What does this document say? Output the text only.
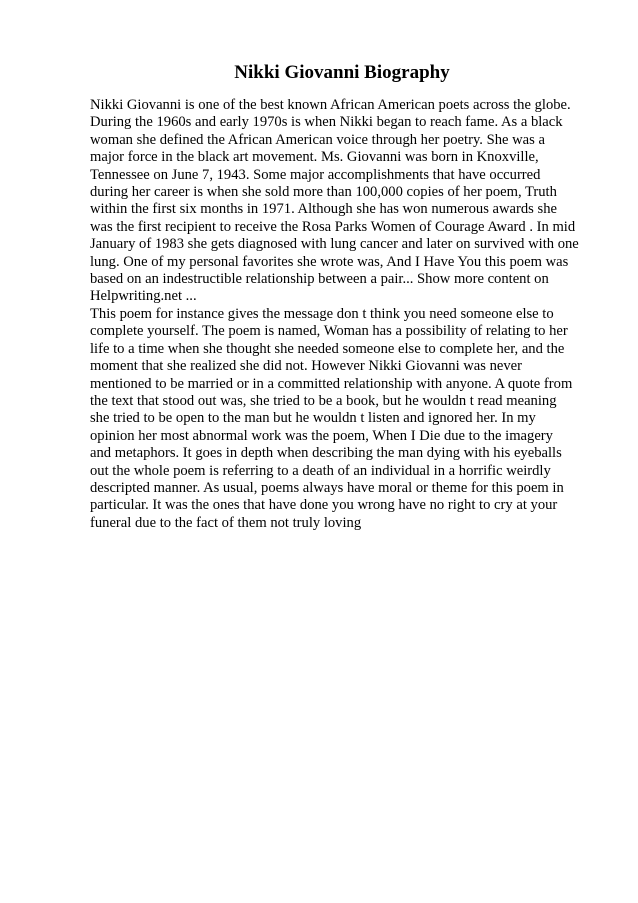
Nikki Giovanni Biography
Nikki Giovanni is one of the best known African American poets across the globe.
During the 1960s and early 1970s is when Nikki began to reach fame. As a black
woman she defined the African American voice through her poetry. She was a
major force in the black art movement. Ms. Giovanni was born in Knoxville,
Tennessee on June 7, 1943. Some major accomplishments that have occurred
during her career is when she sold more than 100,000 copies of her poem, Truth
within the first six months in 1971. Although she has won numerous awards she
was the first recipient to receive the Rosa Parks Women of Courage Award . In mid
January of 1983 she gets diagnosed with lung cancer and later on survived with one
lung. One of my personal favorites she wrote was, And I Have You this poem was
based on an indestructible relationship between a pair... Show more content on
Helpwriting.net ...
This poem for instance gives the message don t think you need someone else to
complete yourself. The poem is named, Woman has a possibility of relating to her
life to a time when she thought she needed someone else to complete her, and the
moment that she realized she did not. However Nikki Giovanni was never
mentioned to be married or in a committed relationship with anyone. A quote from
the text that stood out was, she tried to be a book, but he wouldn t read meaning
she tried to be open to the man but he wouldn t listen and ignored her. In my
opinion her most abnormal work was the poem, When I Die due to the imagery
and metaphors. It goes in depth when describing the man dying with his eyeballs
out the whole poem is referring to a death of an individual in a horrific weirdly
descripted manner. As usual, poems always have moral or theme for this poem in
particular. It was the ones that have done you wrong have no right to cry at your
funeral due to the fact of them not truly loving
